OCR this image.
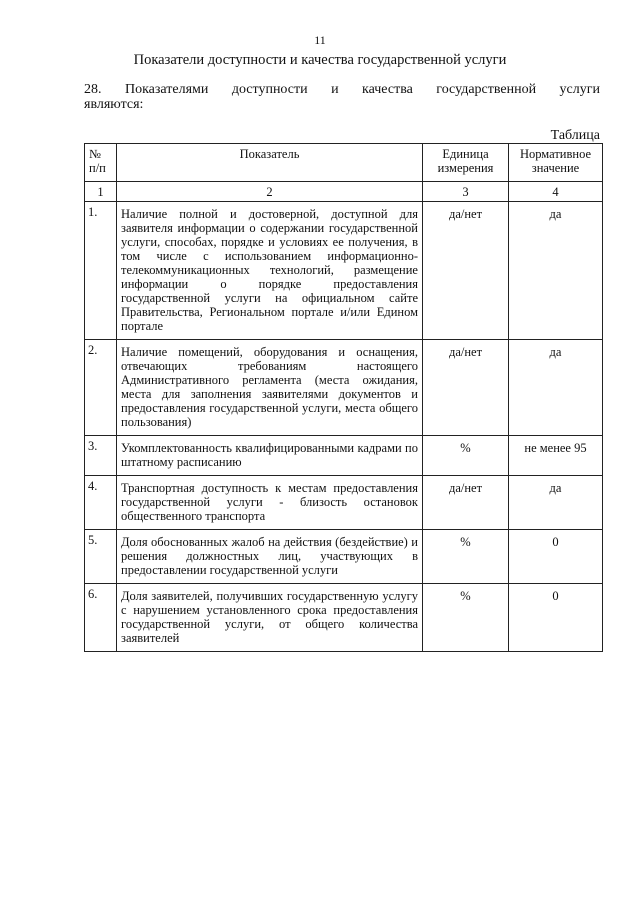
11
Показатели доступности и качества государственной услуги
28. Показателями доступности и качества государственной услуги
являются:
Таблица
№ п/п	Показатель	Единица измерения	Нормативное значение
1	2	3	4
1.	Наличие полной и достоверной, доступной для заявителя информации о содержании государственной услуги, способах, порядке и условиях ее получения, в том числе с использованием информационно-телекоммуникационных технологий, размещение информации о порядке предоставления государственной услуги на официальном сайте Правительства, Региональном портале и/или Едином портале	да/нет	да
2.	Наличие помещений, оборудования и оснащения, отвечающих требованиям настоящего Административного регламента (места ожидания, места для заполнения заявителями документов и предоставления государственной услуги, места общего пользования)	да/нет	да
3.	Укомплектованность квалифицированными кадрами по штатному расписанию	%	не менее 95
4.	Транспортная доступность к местам предоставления государственной услуги - близость остановок общественного транспорта	да/нет	да
5.	Доля обоснованных жалоб на действия (бездействие) и решения должностных лиц, участвующих в предоставлении государственной услуги	%	0
6.	Доля заявителей, получивших государственную услугу с нарушением установленного срока предоставления государственной услуги, от общего количества заявителей	%	0
